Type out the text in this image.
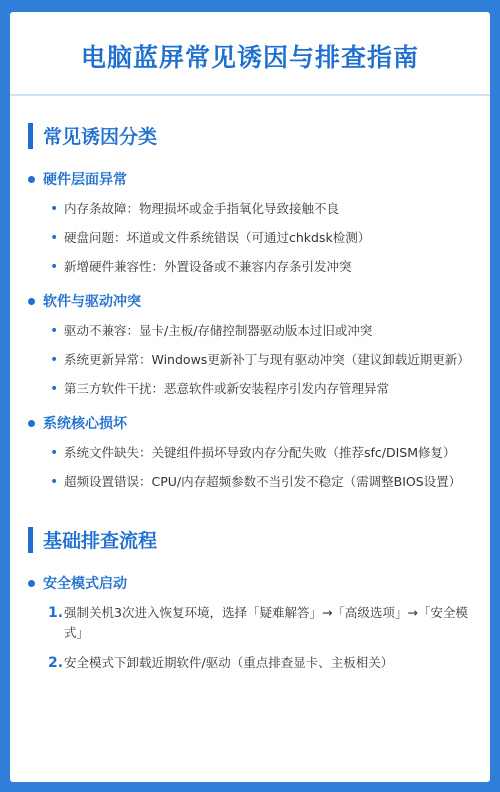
电脑蓝屏常见诱因与排查指南
常见诱因分类
硬件层面异常
• 内存条故障：物理损坏或金手指氧化导致接触不良
• 硬盘问题：坏道或文件系统错误（可通过chkdsk检测）
• 新增硬件兼容性：外置设备或不兼容内存条引发冲突
软件与驱动冲突
• 驱动不兼容：显卡/主板/存储控制器驱动版本过旧或冲突
• 系统更新异常：Windows更新补丁与现有驱动冲突（建议卸载近期更新）
• 第三方软件干扰：恶意软件或新安装程序引发内存管理异常
系统核心损坏
• 系统文件缺失：关键组件损坏导致内存分配失败（推荐sfc/DISM修复）
• 超频设置错误：CPU/内存超频参数不当引发不稳定（需调整BIOS设置）
基础排查流程
安全模式启动
1. 强制关机3次进入恢复环境，选择「疑难解答」→「高级选项」→「安全模式」
2. 安全模式下卸载近期软件/驱动（重点排查显卡、主板相关）
